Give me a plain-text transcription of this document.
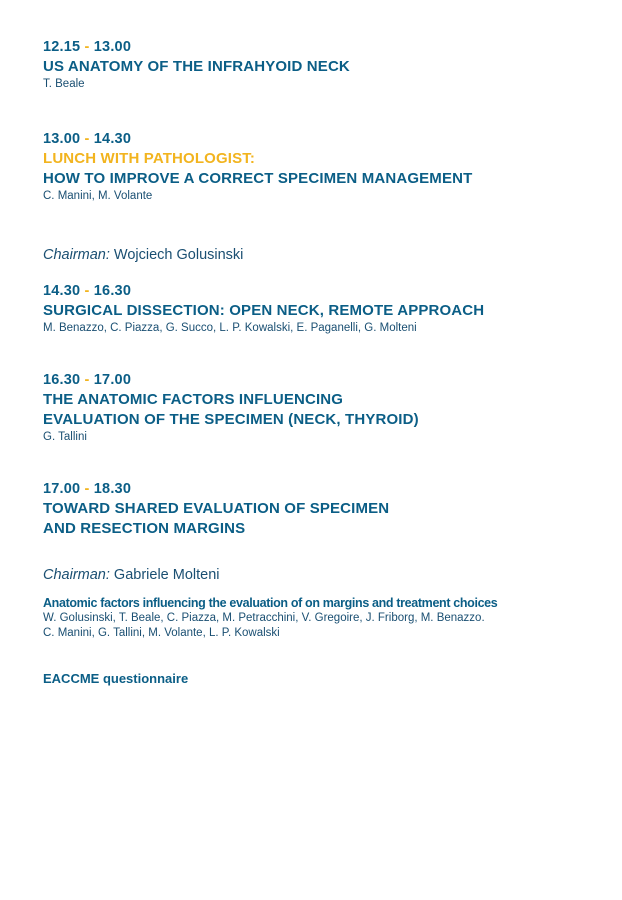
12.15 - 13.00
US ANATOMY OF THE INFRAHYOID NECK
T. Beale
13.00 - 14.30
LUNCH WITH PATHOLOGIST:
HOW TO IMPROVE A CORRECT SPECIMEN MANAGEMENT
C. Manini, M. Volante
Chairman: Wojciech Golusinski
14.30 - 16.30
SURGICAL DISSECTION: OPEN NECK, REMOTE APPROACH
M. Benazzo, C. Piazza, G. Succo, L. P. Kowalski, E. Paganelli, G. Molteni
16.30 - 17.00
THE ANATOMIC FACTORS INFLUENCING
EVALUATION OF THE SPECIMEN (NECK, THYROID)
G. Tallini
17.00 - 18.30
TOWARD SHARED EVALUATION OF SPECIMEN
AND RESECTION MARGINS
Chairman: Gabriele Molteni
Anatomic factors influencing the evaluation of on margins and treatment choices
W. Golusinski, T. Beale, C. Piazza, M. Petracchini, V. Gregoire, J. Friborg, M. Benazzo.
C. Manini, G. Tallini, M. Volante, L. P. Kowalski
EACCME questionnaire
